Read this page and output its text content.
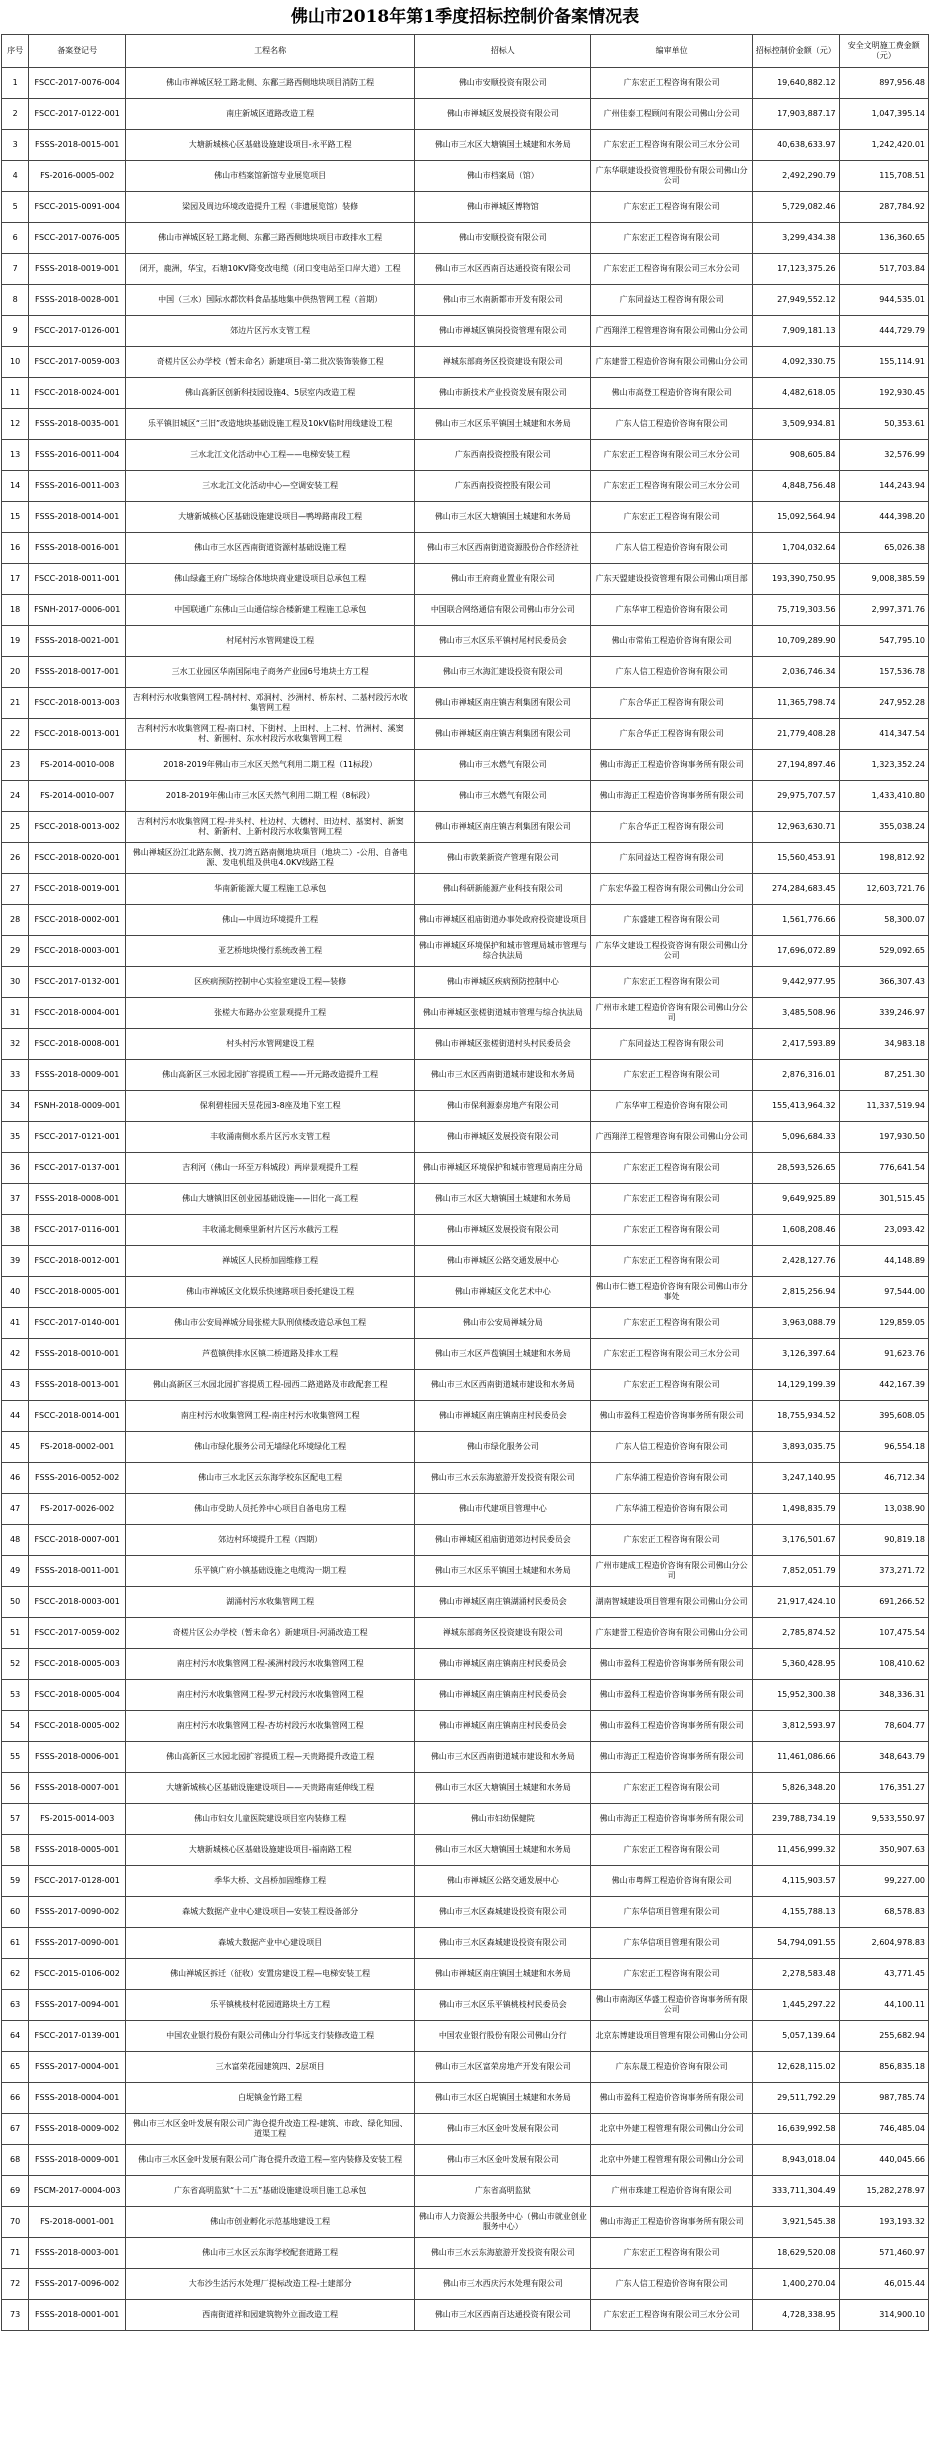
佛山市2018年第1季度招标控制价备案情况表
序号	备案登记号	工程名称	招标人	编审单位	招标控制价金额（元）	安全文明施工费金额（元）
1	FSCC-2017-0076-004	佛山市禅城区轻工路北侧、东鄱三路西侧地块项目消防工程	佛山市安顺投资有限公司	广东宏正工程咨询有限公司	19,640,882.12	897,956.48
2	FSCC-2017-0122-001	南庄新城区道路改造工程	佛山市禅城区发展投资有限公司	广州佳泰工程顾问有限公司佛山分公司	17,903,887.17	1,047,395.14
3	FSSS-2018-0015-001	大塘新城核心区基础设施建设项目-永平路工程	佛山市三水区大塘镇国土城建和水务局	广东宏正工程咨询有限公司三水分公司	40,638,633.97	1,242,420.01
4	FS-2016-0005-002	佛山市档案馆新馆专业展览项目	佛山市档案局（馆）	广东华联建设投资管理股份有限公司佛山分公司	2,492,290.79	115,708.51
5	FSCC-2015-0091-004	梁园及周边环境改造提升工程（非遗展览馆）装修	佛山市禅城区博物馆	广东宏正工程咨询有限公司	5,729,082.46	287,784.92
6	FSCC-2017-0076-005	佛山市禅城区轻工路北侧、东鄱三路西侧地块项目市政排水工程	佛山市安顺投资有限公司	广东宏正工程咨询有限公司	3,299,434.38	136,360.65
7	FSSS-2018-0019-001	闭开，鹿洲，华宝，石塘10KV降变改电缆（闭口变电站至口岸大道）工程	佛山市三水区西南百达通投资有限公司	广东宏正工程咨询有限公司三水分公司	17,123,375.26	517,703.84
8	FSSS-2018-0028-001	中国（三水）国际水都饮料食品基地集中供热管网工程（首期）	佛山市三水南新都市开发有限公司	广东同益达工程咨询有限公司	27,949,552.12	944,535.01
9	FSCC-2017-0126-001	郊边片区污水支管工程	佛山市禅城区镇岗投资管理有限公司	广西翔洋工程管理咨询有限公司佛山分公司	7,909,181.13	444,729.79
10	FSCC-2017-0059-003	奇槎片区公办学校（暂未命名）新建项目-第二批次装饰装修工程	禅城东部商务区投资建设有限公司	广东建誉工程造价咨询有限公司佛山分公司	4,092,330.75	155,114.91
11	FSCC-2018-0024-001	佛山高新区创新科技园设施4、5层室内改造工程	佛山市新技术产业投资发展有限公司	佛山市高登工程造价咨询有限公司	4,482,618.05	192,930.45
12	FSSS-2018-0035-001	乐平镇旧城区“三旧”改造地块基础设施工程及10kV临时用线建设工程	佛山市三水区乐平镇国土城建和水务局	广东人信工程造价咨询有限公司	3,509,934.81	50,353.61
13	FSSS-2016-0011-004	三水北江文化活动中心工程——电梯安装工程	广东西南投资控股有限公司	广东宏正工程咨询有限公司三水分公司	908,605.84	32,576.99
14	FSSS-2016-0011-003	三水北江文化活动中心—空调安装工程	广东西南投资控股有限公司	广东宏正工程咨询有限公司三水分公司	4,848,756.48	144,243.94
15	FSSS-2018-0014-001	大塘新城核心区基础设施建设项目—鸭埠路南段工程	佛山市三水区大塘镇国土城建和水务局	广东宏正工程咨询有限公司	15,092,564.94	444,398.20
16	FSSS-2018-0016-001	佛山市三水区西南街道资源村基础设施工程	佛山市三水区西南街道资源股份合作经济社	广东人信工程造价咨询有限公司	1,704,032.64	65,026.38
17	FSCC-2018-0011-001	佛山绿鑫王府广场综合体地块商业建设项目总承包工程	佛山市王府商业置业有限公司	广东天盟建设投资管理有限公司佛山项目部	193,390,750.95	9,008,385.59
18	FSNH-2017-0006-001	中国联通广东佛山三山通信综合楼新建工程施工总承包	中国联合网络通信有限公司佛山市分公司	广东华审工程造价咨询有限公司	75,719,303.56	2,997,371.76
19	FSSS-2018-0021-001	村尾村污水管网建设工程	佛山市三水区乐平镇村尾村民委员会	佛山市常佑工程造价咨询有限公司	10,709,289.90	547,795.10
20	FSSS-2018-0017-001	三水工业园区华南国际电子商务产业园6号地块土方工程	佛山市三水海汇建设投资有限公司	广东人信工程造价咨询有限公司	2,036,746.34	157,536.78
21	FSCC-2018-0013-003	吉利村污水收集管网工程-鹄村村、邓洞村、沙洲村、桥东村、二基村段污水收集管网工程	佛山市禅城区南庄镇吉利集团有限公司	广东合华正工程咨询有限公司	11,365,798.74	247,952.28
22	FSCC-2018-0013-001	吉利村污水收集管网工程-南口村、下街村、上田村、上二村、竹洲村、溪窦村、新围村、东水村段污水收集管网工程	佛山市禅城区南庄镇吉利集团有限公司	广东合华正工程咨询有限公司	21,779,408.28	414,347.54
23	FS-2014-0010-008	2018-2019年佛山市三水区天然气利用二期工程（11标段）	佛山市三水燃气有限公司	佛山市海正工程造价咨询事务所有限公司	27,194,897.46	1,323,352.24
24	FS-2014-0010-007	2018-2019年佛山市三水区天然气利用二期工程（8标段）	佛山市三水燃气有限公司	佛山市海正工程造价咨询事务所有限公司	29,975,707.57	1,433,410.80
25	FSCC-2018-0013-002	吉利村污水收集管网工程-井头村、杜边村、大穗村、田边村、基窦村、新窦村、新新村、上新村段污水收集管网工程	佛山市禅城区南庄镇吉利集团有限公司	广东合华正工程咨询有限公司	12,963,630.71	355,038.24
26	FSCC-2018-0020-001	佛山禅城区汾江北路东侧、找刀湾五路南侧地块项目（地块二）-公用、自备电源、发电机组及供电4.0KV线路工程	佛山市敦莱新资产管理有限公司	广东同益达工程咨询有限公司	15,560,453.91	198,812.92
27	FSCC-2018-0019-001	华南新能源大厦工程施工总承包	佛山科研新能源产业科技有限公司	广东宏华盈工程咨询有限公司佛山分公司	274,284,683.45	12,603,721.76
28	FSCC-2018-0002-001	佛山—中周边环境提升工程	佛山市禅城区祖庙街道办事处政府投资建设项目	广东盛建工程咨询有限公司	1,561,776.66	58,300.07
29	FSCC-2018-0003-001	亚艺桥地块慢行系统改善工程	佛山市禅城区环境保护和城市管理局城市管理与综合执法局	广东华文建设工程投资咨询有限公司佛山分公司	17,696,072.89	529,092.65
30	FSCC-2017-0132-001	区疾病预防控制中心实验室建设工程—装修	佛山市禅城区疾病预防控制中心	广东宏正工程咨询有限公司	9,442,977.95	366,307.43
31	FSCC-2018-0004-001	张槎大布路办公室景观提升工程	佛山市禅城区张槎街道城市管理与综合执法局	广州市永建工程造价咨询有限公司佛山分公司	3,485,508.96	339,246.97
32	FSCC-2018-0008-001	村头村污水管网建设工程	佛山市禅城区张槎街道村头村民委员会	广东同益达工程咨询有限公司	2,417,593.89	34,983.18
33	FSSS-2018-0009-001	佛山高新区三水园北园扩容提质工程——开元路改造提升工程	佛山市三水区西南街道城市建设和水务局	广东宏正工程咨询有限公司	2,876,316.01	87,251.30
34	FSNH-2018-0009-001	保利碧桂园天昱花园3-8座及地下室工程	佛山市保利源泰房地产有限公司	广东华审工程造价咨询有限公司	155,413,964.32	11,337,519.94
35	FSCC-2017-0121-001	丰收涌南侧水系片区污水支管工程	佛山市禅城区发展投资有限公司	广西翔洋工程管理咨询有限公司佛山分公司	5,096,684.33	197,930.50
36	FSCC-2017-0137-001	吉利河（佛山一环至万科城段）两岸景观提升工程	佛山市禅城区环境保护和城市管理局南庄分局	广东宏正工程咨询有限公司	28,593,526.65	776,641.54
37	FSSS-2018-0008-001	佛山大塘镇旧区创业园基础设施——旧化一高工程	佛山市三水区大塘镇国土城建和水务局	广东宏正工程咨询有限公司	9,649,925.89	301,515.45
38	FSCC-2017-0116-001	丰收涌北侧乘里新村片区污水截污工程	佛山市禅城区发展投资有限公司	广东宏正工程咨询有限公司	1,608,208.46	23,093.42
39	FSCC-2018-0012-001	禅城区人民桥加固维修工程	佛山市禅城区公路交通发展中心	广东宏正工程咨询有限公司	2,428,127.76	44,148.89
40	FSCC-2018-0005-001	佛山市禅城区文化娱乐快速路项目委托建设工程	佛山市禅城区文化艺术中心	佛山市仁德工程造价咨询有限公司佛山市分事处	2,815,256.94	97,544.00
41	FSCC-2017-0140-001	佛山市公安局禅城分局张槎大队刑侦楼改造总承包工程	佛山市公安局禅城分局	广东宏正工程咨询有限公司	3,963,088.79	129,859.05
42	FSSS-2018-0010-001	芦苞镇供排水区镇二桥道路及排水工程	佛山市三水区芦苞镇国土城建和水务局	广东宏正工程咨询有限公司三水分公司	3,126,397.64	91,623.76
43	FSSS-2018-0013-001	佛山高新区三水园北园扩容提质工程-园西二路道路及市政配套工程	佛山市三水区西南街道城市建设和水务局	广东宏正工程咨询有限公司	14,129,199.39	442,167.39
44	FSCC-2018-0014-001	南庄村污水收集管网工程-南庄村污水收集管网工程	佛山市禅城区南庄镇南庄村民委员会	佛山市盈科工程造价咨询事务所有限公司	18,755,934.52	395,608.05
45	FS-2018-0002-001	佛山市绿化服务公司无墙绿化环境绿化工程	佛山市绿化服务公司	广东人信工程造价咨询有限公司	3,893,035.75	96,554.18
46	FSSS-2016-0052-002	佛山市三水北区云东海学校东区配电工程	佛山市三水云东海旅游开发投资有限公司	广东华浦工程造价咨询有限公司	3,247,140.95	46,712.34
47	FS-2017-0026-002	佛山市受助人员托养中心项目自备电房工程	佛山市代建项目管理中心	广东华浦工程造价咨询有限公司	1,498,835.79	13,038.90
48	FSCC-2018-0007-001	郊边村环境提升工程（四期）	佛山市禅城区祖庙街道郊边村民委员会	广东宏正工程咨询有限公司	3,176,501.67	90,819.18
49	FSSS-2018-0011-001	乐平镇广府小镇基础设施之电缆沟一期工程	佛山市三水区乐平镇国土城建和水务局	广州市建成工程造价咨询有限公司佛山分公司	7,852,051.79	373,271.72
50	FSCC-2018-0003-001	湖涌村污水收集管网工程	佛山市禅城区南庄镇湖涌村民委员会	湖南智城建设项目管理有限公司佛山分公司	21,917,424.10	691,266.52
51	FSCC-2017-0059-002	奇槎片区公办学校（暂未命名）新建项目-河涌改造工程	禅城东部商务区投资建设有限公司	广东建誉工程造价咨询有限公司佛山分公司	2,785,874.52	107,475.54
52	FSCC-2018-0005-003	南庄村污水收集管网工程-溪洲村段污水收集管网工程	佛山市禅城区南庄镇南庄村民委员会	佛山市盈科工程造价咨询事务所有限公司	5,360,428.95	108,410.62
53	FSCC-2018-0005-004	南庄村污水收集管网工程-罗元村段污水收集管网工程	佛山市禅城区南庄镇南庄村民委员会	佛山市盈科工程造价咨询事务所有限公司	15,952,300.38	348,336.31
54	FSCC-2018-0005-002	南庄村污水收集管网工程-杏坊村段污水收集管网工程	佛山市禅城区南庄镇南庄村民委员会	佛山市盈科工程造价咨询事务所有限公司	3,812,593.97	78,604.77
55	FSSS-2018-0006-001	佛山高新区三水园北园扩容提质工程—天贵路提升改造工程	佛山市三水区西南街道城市建设和水务局	佛山市海正工程造价咨询事务所有限公司	11,461,086.66	348,643.79
56	FSSS-2018-0007-001	大塘新城核心区基础设施建设项目——天贵路南延伸线工程	佛山市三水区大塘镇国土城建和水务局	广东宏正工程咨询有限公司	5,826,348.20	176,351.27
57	FS-2015-0014-003	佛山市妇女儿童医院建设项目室内装修工程	佛山市妇幼保健院	佛山市海正工程造价咨询事务所有限公司	239,788,734.19	9,533,550.97
58	FSSS-2018-0005-001	大塘新城核心区基础设施建设项目-福南路工程	佛山市三水区大塘镇国土城建和水务局	广东宏正工程咨询有限公司	11,456,999.32	350,907.63
59	FSCC-2017-0128-001	季华大桥、文昌桥加固维修工程	佛山市禅城区公路交通发展中心	佛山市粤辉工程造价咨询有限公司	4,115,903.57	99,227.00
60	FSSS-2017-0090-002	森城大数据产业中心建设项目—安装工程设备部分	佛山市三水区森城建设投资有限公司	广东华信项目管理有限公司	4,155,788.13	68,578.83
61	FSSS-2017-0090-001	森城大数据产业中心建设项目	佛山市三水区森城建设投资有限公司	广东华信项目管理有限公司	54,794,091.55	2,604,978.83
62	FSCC-2015-0106-002	佛山禅城区拆迁（征收）安置房建设工程—电梯安装工程	佛山市禅城区南庄镇国土城建和水务局	广东宏正工程咨询有限公司	2,278,583.48	43,771.45
63	FSSS-2017-0094-001	乐平镇桃枝村花园道路块土方工程	佛山市三水区乐平镇桃枝村民委员会	佛山市南海区华盛工程造价咨询事务所有限公司	1,445,297.22	44,100.11
64	FSCC-2017-0139-001	中国农业银行股份有限公司佛山分行华远支行装修改造工程	中国农业银行股份有限公司佛山分行	北京东博建设项目管理有限公司佛山分公司	5,057,139.64	255,682.94
65	FSSS-2017-0004-001	三水富荣花园建筑四、2层项目	佛山市三水区富荣房地产开发有限公司	广东东晟工程造价咨询有限公司	12,628,115.02	856,835.18
66	FSSS-2018-0004-001	白坭镇金竹路工程	佛山市三水区白坭镇国土城建和水务局	佛山市盈科工程造价咨询事务所有限公司	29,511,792.29	987,785.74
67	FSSS-2018-0009-002	佛山市三水区金叶发展有限公司广海仓提升改造工程-建筑、市政、绿化知园、道渠工程	佛山市三水区金叶发展有限公司	北京中外建工程管理有限公司佛山分公司	16,639,992.58	746,485.04
68	FSSS-2018-0009-001	佛山市三水区金叶发展有限公司广海仓提升改造工程—室内装修及安装工程	佛山市三水区金叶发展有限公司	北京中外建工程管理有限公司佛山分公司	8,943,018.04	440,045.66
69	FSCM-2017-0004-003	广东省高明监狱“十二五”基础设施建设项目施工总承包	广东省高明监狱	广州市珠建工程造价咨询有限公司	333,711,304.49	15,282,278.97
70	FS-2018-0001-001	佛山市创业孵化示范基地建设工程	佛山市人力资源公共服务中心（佛山市就业创业服务中心）	佛山市海正工程造价咨询事务所有限公司	3,921,545.38	193,193.32
71	FSSS-2018-0003-001	佛山市三水区云东海学校配套道路工程	佛山市三水云东海旅游开发投资有限公司	广东宏正工程咨询有限公司	18,629,520.08	571,460.97
72	FSSS-2017-0096-002	大布沙生活污水处理厂提标改造工程-土建部分	佛山市三水西庆污水处理有限公司	广东人信工程造价咨询有限公司	1,400,270.04	46,015.44
73	FSSS-2018-0001-001	西南街道祥和园建筑物外立面改造工程	佛山市三水区西南百达通投资有限公司	广东宏正工程咨询有限公司三水分公司	4,728,338.95	314,900.10
